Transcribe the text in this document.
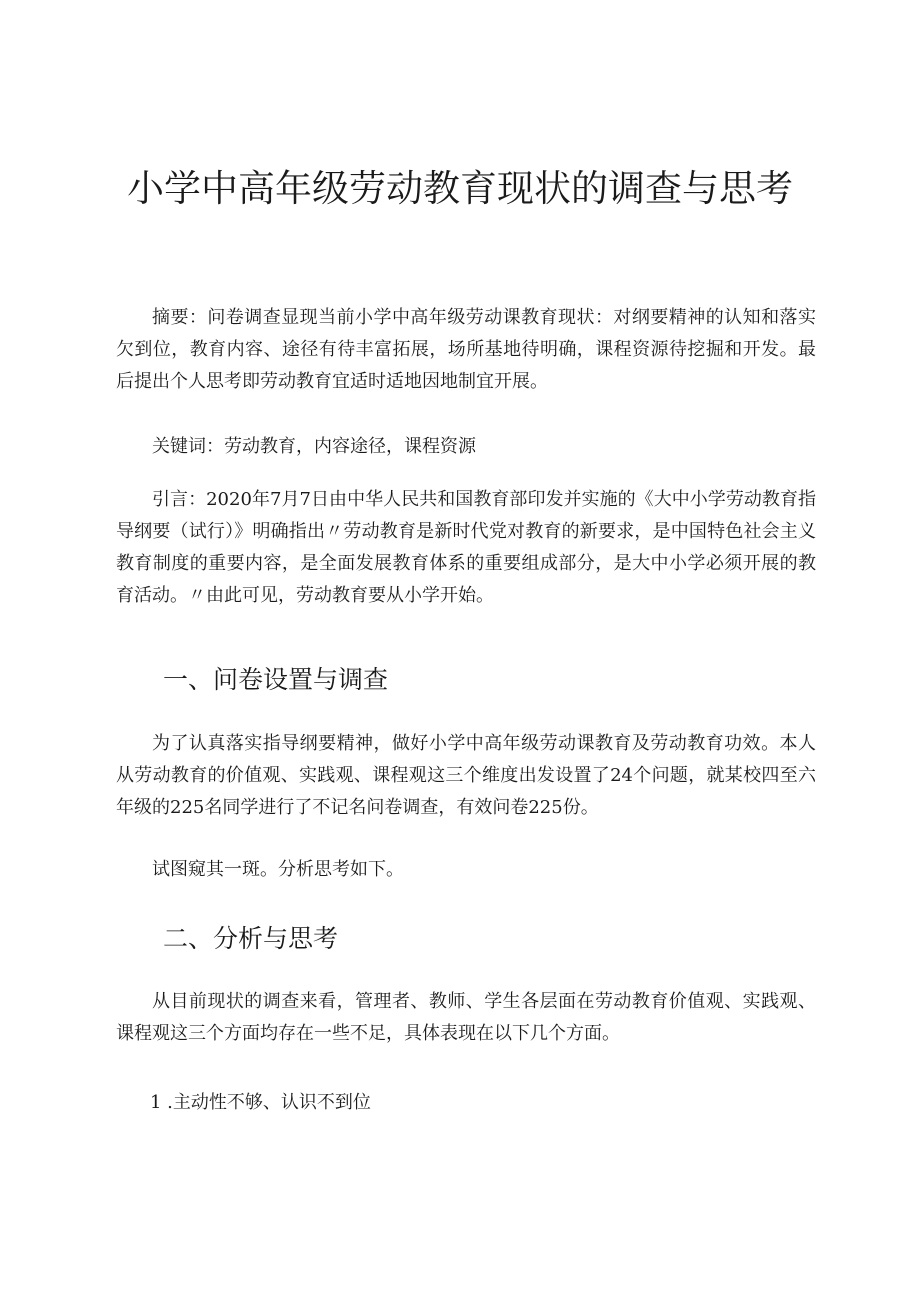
小学中高年级劳动教育现状的调查与思考

摘要：问卷调查显现当前小学中高年级劳动课教育现状：对纲要精神的认知和落实欠到位，教育内容、途径有待丰富拓展，场所基地待明确，课程资源待挖掘和开发。最后提出个人思考即劳动教育宜适时适地因地制宜开展。

关键词：劳动教育，内容途径，课程资源

引言：2020年7月7日由中华人民共和国教育部印发并实施的《大中小学劳动教育指导纲要（试行）》明确指出〃劳动教育是新时代党对教育的新要求，是中国特色社会主义教育制度的重要内容，是全面发展教育体系的重要组成部分，是大中小学必须开展的教育活动。〃由此可见，劳动教育要从小学开始。

一、问卷设置与调查

为了认真落实指导纲要精神，做好小学中高年级劳动课教育及劳动教育功效。本人从劳动教育的价值观、实践观、课程观这三个维度出发设置了24个问题，就某校四至六年级的225名同学进行了不记名问卷调查，有效问卷225份。

试图窥其一斑。分析思考如下。

二、分析与思考

从目前现状的调查来看，管理者、教师、学生各层面在劳动教育价值观、实践观、课程观这三个方面均存在一些不足，具体表现在以下几个方面。

1 .主动性不够、认识不到位
